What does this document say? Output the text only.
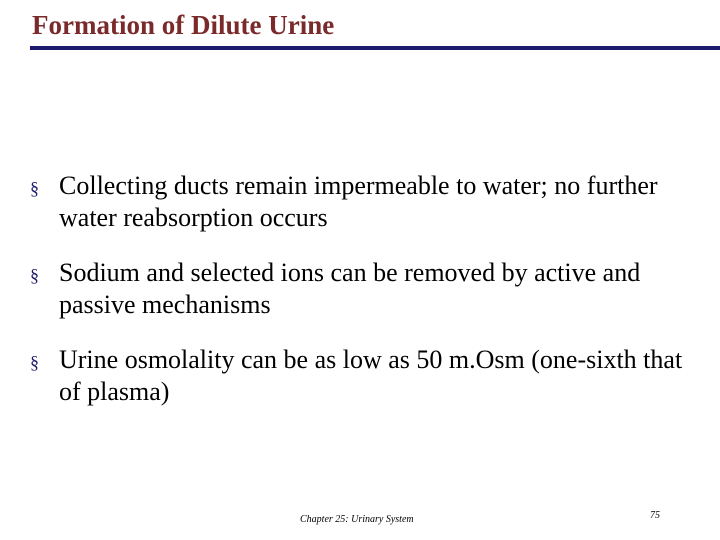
Formation of Dilute Urine
§ Collecting ducts remain impermeable to water; no further water reabsorption occurs
§ Sodium and selected ions can be removed by active and passive mechanisms
§ Urine osmolality can be as low as 50 m.Osm (one-sixth that of plasma)
Chapter 25: Urinary System	75
